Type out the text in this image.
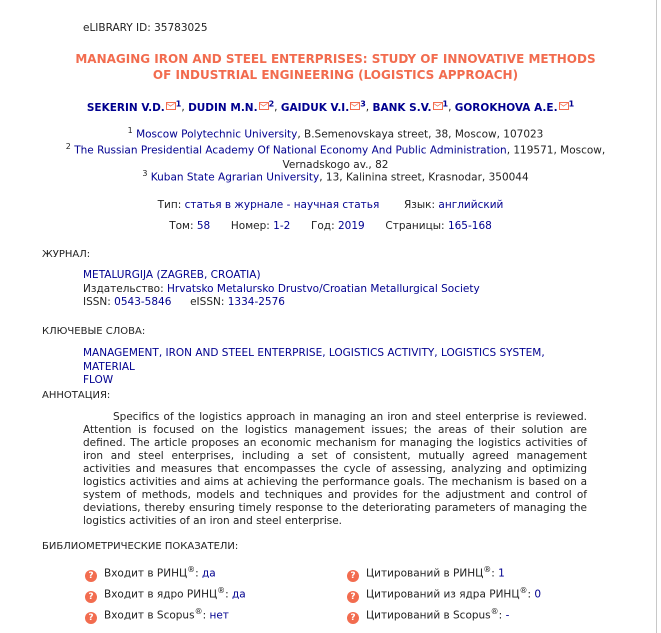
eLIBRARY ID: 35783025
MANAGING IRON AND STEEL ENTERPRISES: STUDY OF INNOVATIVE METHODS
OF INDUSTRIAL ENGINEERING (LOGISTICS APPROACH)
SEKERIN V.D. $^1$, DUDIN M.N. $^2$, GAIDUK V.I. $^3$, BANK S.V. $^1$, GOROKHOVA A.E. $^1$
$^1$ Moscow Polytechnic University, B.Semenovskaya street, 38, Moscow, 107023
$^2$ The Russian Presidential Academy Of National Economy And Public Administration, 119571, Moscow,
Vernadskogo av., 82
$^3$ Kuban State Agrarian University, 13, Kalinina street, Krasnodar, 350044
Тип: статья в журнале - научная статья Язык: английский
Том: 58 Номер: 1-2 Год: 2019 Страницы: 165-168
ЖУРНАЛ:
METALURGIJA (ZAGREB, CROATIA)
Издательство: Hrvatsko Metalursko Drustvo/Croatian Metallurgical Society
ISSN: 0543-5846 eISSN: 1334-2576
КЛЮЧЕВЫЕ СЛОВА:
MANAGEMENT, IRON AND STEEL ENTERPRISE, LOGISTICS ACTIVITY, LOGISTICS SYSTEM, MATERIAL
FLOW
АННОТАЦИЯ:
Specifics of the logistics approach in managing an iron and steel enterprise is reviewed. Attention is focused on the logistics management issues; the areas of their solution are defined. The article proposes an economic mechanism for managing the logistics activities of iron and steel enterprises, including a set of consistent, mutually agreed management activities and measures that encompasses the cycle of assessing, analyzing and optimizing logistics activities and aims at achieving the performance goals. The mechanism is based on a system of methods, models and techniques and provides for the adjustment and control of deviations, thereby ensuring timely response to the deteriorating parameters of managing the logistics activities of an iron and steel enterprise.
БИБЛИОМЕТРИЧЕСКИЕ ПОКАЗАТЕЛИ:
? Входит в РИНЦ®: да
? Входит в ядро РИНЦ®: да
? Входит в Scopus®: нет
? Цитирований в РИНЦ®: 1
? Цитирований из ядра РИНЦ®: 0
? Цитирований в Scopus®: -
